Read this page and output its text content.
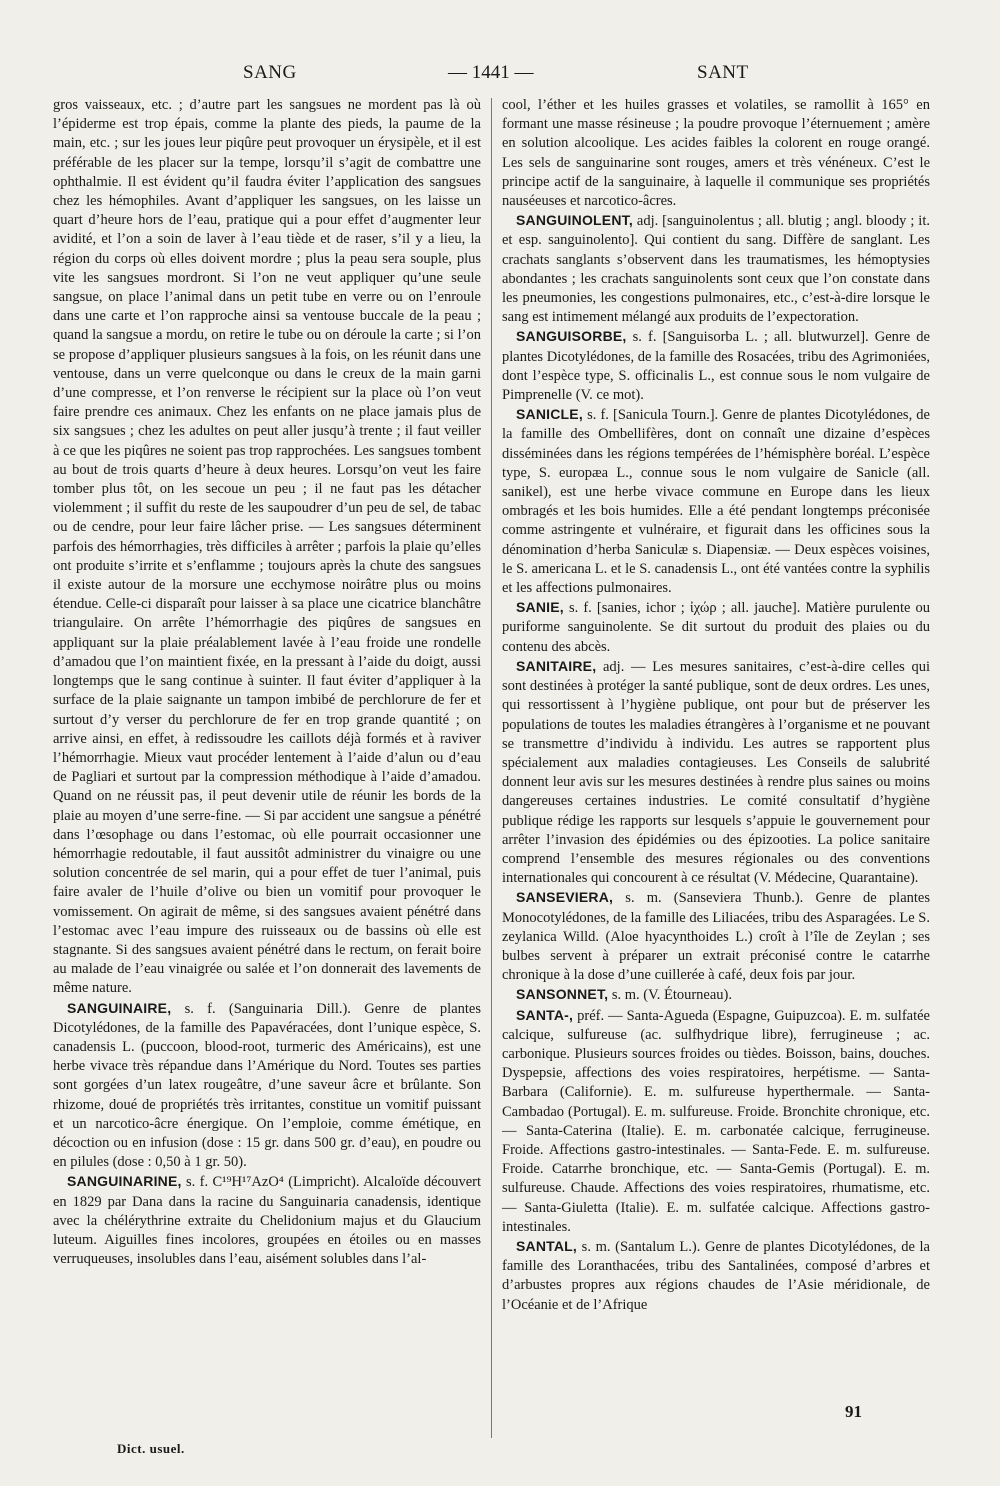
SANG	— 1441 —	SANT

gros vaisseaux, etc. ; d’autre part les sangsues ne mordent pas là où l’épiderme est trop épais, comme la plante des pieds, la paume de la main, etc. ; sur les joues leur piqûre peut provoquer un érysipèle, et il est préférable de les placer sur la tempe, lorsqu’il s’agit de combattre une ophthalmie. Il est évident qu’il faudra éviter l’application des sangsues chez les hémophiles. Avant d’appliquer les sangsues, on les laisse un quart d’heure hors de l’eau, pratique qui a pour effet d’augmenter leur avidité, et l’on a soin de laver à l’eau tiède et de raser, s’il y a lieu, la région du corps où elles doivent mordre ; plus la peau sera souple, plus vite les sangsues mordront. Si l’on ne veut appliquer qu’une seule sangsue, on place l’animal dans un petit tube en verre ou on l’enroule dans une carte et l’on rapproche ainsi sa ventouse buccale de la peau ; quand la sangsue a mordu, on retire le tube ou on déroule la carte ; si l’on se propose d’appliquer plusieurs sangsues à la fois, on les réunit dans une ventouse, dans un verre quelconque ou dans le creux de la main garni d’une compresse, et l’on renverse le récipient sur la place où l’on veut faire prendre ces animaux. Chez les enfants on ne place jamais plus de six sangsues ; chez les adultes on peut aller jusqu’à trente ; il faut veiller à ce que les piqûres ne soient pas trop rapprochées. Les sangsues tombent au bout de trois quarts d’heure à deux heures. Lorsqu’on veut les faire tomber plus tôt, on les secoue un peu ; il ne faut pas les détacher violemment ; il suffit du reste de les saupoudrer d’un peu de sel, de tabac ou de cendre, pour leur faire lâcher prise. — Les sangsues déterminent parfois des hémorrhagies, très difficiles à arrêter ; parfois la plaie qu’elles ont produite s’irrite et s’enflamme ; toujours après la chute des sangsues il existe autour de la morsure une ecchymose noirâtre plus ou moins étendue. Celle-ci disparaît pour laisser à sa place une cicatrice blanchâtre triangulaire. On arrête l’hémorrhagie des piqûres de sangsues en appliquant sur la plaie préalablement lavée à l’eau froide une rondelle d’amadou que l’on maintient fixée, en la pressant à l’aide du doigt, aussi longtemps que le sang continue à suinter. Il faut éviter d’appliquer à la surface de la plaie saignante un tampon imbibé de perchlorure de fer et surtout d’y verser du perchlorure de fer en trop grande quantité ; on arrive ainsi, en effet, à redissoudre les caillots déjà formés et à raviver l’hémorrhagie. Mieux vaut procéder lentement à l’aide d’alun ou d’eau de Pagliari et surtout par la compression méthodique à l’aide d’amadou. Quand on ne réussit pas, il peut devenir utile de réunir les bords de la plaie au moyen d’une serre-fine. — Si par accident une sangsue a pénétré dans l’œsophage ou dans l’estomac, où elle pourrait occasionner une hémorrhagie redoutable, il faut aussitôt administrer du vinaigre ou une solution concentrée de sel marin, qui a pour effet de tuer l’animal, puis faire avaler de l’huile d’olive ou bien un vomitif pour provoquer le vomissement. On agirait de même, si des sangsues avaient pénétré dans l’estomac avec l’eau impure des ruisseaux ou de bassins où elle est stagnante. Si des sangsues avaient pénétré dans le rectum, on ferait boire au malade de l’eau vinaigrée ou salée et l’on donnerait des lavements de même nature.

SANGUINAIRE, s. f. (Sanguinaria Dill.). Genre de plantes Dicotylédones, de la famille des Papavéracées, dont l’unique espèce, S. canadensis L. (puccoon, blood-root, turmeric des Américains), est une herbe vivace très répandue dans l’Amérique du Nord. Toutes ses parties sont gorgées d’un latex rougeâtre, d’une saveur âcre et brûlante. Son rhizome, doué de propriétés très irritantes, constitue un vomitif puissant et un narcotico-âcre énergique. On l’emploie, comme émétique, en décoction ou en infusion (dose : 15 gr. dans 500 gr. d’eau), en poudre ou en pilules (dose : 0,50 à 1 gr. 50).

SANGUINARINE, s. f. C¹⁹H¹⁷AzO⁴ (Limpricht). Alcaloïde découvert en 1829 par Dana dans la racine du Sanguinaria canadensis, identique avec la chélérythrine extraite du Chelidonium majus et du Glaucium luteum. Aiguilles fines incolores, groupées en étoiles ou en masses verruqueuses, insolubles dans l’eau, aisément solubles dans l’al-

cool, l’éther et les huiles grasses et volatiles, se ramollit à 165° en formant une masse résineuse ; la poudre provoque l’éternuement ; amère en solution alcoolique. Les acides faibles la colorent en rouge orangé. Les sels de sanguinarine sont rouges, amers et très vénéneux. C’est le principe actif de la sanguinaire, à laquelle il communique ses propriétés nauséeuses et narcotico-âcres.

SANGUINOLENT, adj. [sanguinolentus ; all. blutig ; angl. bloody ; it. et esp. sanguinolento]. Qui contient du sang. Diffère de sanglant. Les crachats sanglants s’observent dans les traumatismes, les hémoptysies abondantes ; les crachats sanguinolents sont ceux que l’on constate dans les pneumonies, les congestions pulmonaires, etc., c’est-à-dire lorsque le sang est intimement mélangé aux produits de l’expectoration.

SANGUISORBE, s. f. [Sanguisorba L. ; all. blutwurzel]. Genre de plantes Dicotylédones, de la famille des Rosacées, tribu des Agrimoniées, dont l’espèce type, S. officinalis L., est connue sous le nom vulgaire de Pimprenelle (V. ce mot).

SANICLE, s. f. [Sanicula Tourn.]. Genre de plantes Dicotylédones, de la famille des Ombellifères, dont on connaît une dizaine d’espèces disséminées dans les régions tempérées de l’hémisphère boréal. L’espèce type, S. europæa L., connue sous le nom vulgaire de Sanicle (all. sanikel), est une herbe vivace commune en Europe dans les lieux ombragés et les bois humides. Elle a été pendant longtemps préconisée comme astringente et vulnéraire, et figurait dans les officines sous la dénomination d’herba Saniculæ s. Diapensiæ. — Deux espèces voisines, le S. americana L. et le S. canadensis L., ont été vantées contre la syphilis et les affections pulmonaires.

SANIE, s. f. [sanies, ichor ; ἰχώρ ; all. jauche]. Matière purulente ou puriforme sanguinolente. Se dit surtout du produit des plaies ou du contenu des abcès.

SANITAIRE, adj. — Les mesures sanitaires, c’est-à-dire celles qui sont destinées à protéger la santé publique, sont de deux ordres. Les unes, qui ressortissent à l’hygiène publique, ont pour but de préserver les populations de toutes les maladies étrangères à l’organisme et ne pouvant se transmettre d’individu à individu. Les autres se rapportent plus spécialement aux maladies contagieuses. Les Conseils de salubrité donnent leur avis sur les mesures destinées à rendre plus saines ou moins dangereuses certaines industries. Le comité consultatif d’hygiène publique rédige les rapports sur lesquels s’appuie le gouvernement pour arrêter l’invasion des épidémies ou des épizooties. La police sanitaire comprend l’ensemble des mesures régionales ou des conventions internationales qui concourent à ce résultat (V. Médecine, Quarantaine).

SANSEVIERA, s. m. (Sanseviera Thunb.). Genre de plantes Monocotylédones, de la famille des Liliacées, tribu des Asparagées. Le S. zeylanica Willd. (Aloe hyacynthoides L.) croît à l’île de Zeylan ; ses bulbes servent à préparer un extrait préconisé contre le catarrhe chronique à la dose d’une cuillerée à café, deux fois par jour.

SANSONNET, s. m. (V. Étourneau).

SANTA-, préf. — Santa-Agueda (Espagne, Guipuzcoa). E. m. sulfatée calcique, sulfureuse (ac. sulfhydrique libre), ferrugineuse ; ac. carbonique. Plusieurs sources froides ou tièdes. Boisson, bains, douches. Dyspepsie, affections des voies respiratoires, herpétisme. — Santa-Barbara (Californie). E. m. sulfureuse hyperthermale. — Santa-Cambadao (Portugal). E. m. sulfureuse. Froide. Bronchite chronique, etc. — Santa-Caterina (Italie). E. m. carbonatée calcique, ferrugineuse. Froide. Affections gastro-intestinales. — Santa-Fede. E. m. sulfureuse. Froide. Catarrhe bronchique, etc. — Santa-Gemis (Portugal). E. m. sulfureuse. Chaude. Affections des voies respiratoires, rhumatisme, etc. — Santa-Giuletta (Italie). E. m. sulfatée calcique. Affections gastro-intestinales.

SANTAL, s. m. (Santalum L.). Genre de plantes Dicotylédones, de la famille des Loranthacées, tribu des Santalinées, composé d’arbres et d’arbustes propres aux régions chaudes de l’Asie méridionale, de l’Océanie et de l’Afrique

Dict. usuel.
91
